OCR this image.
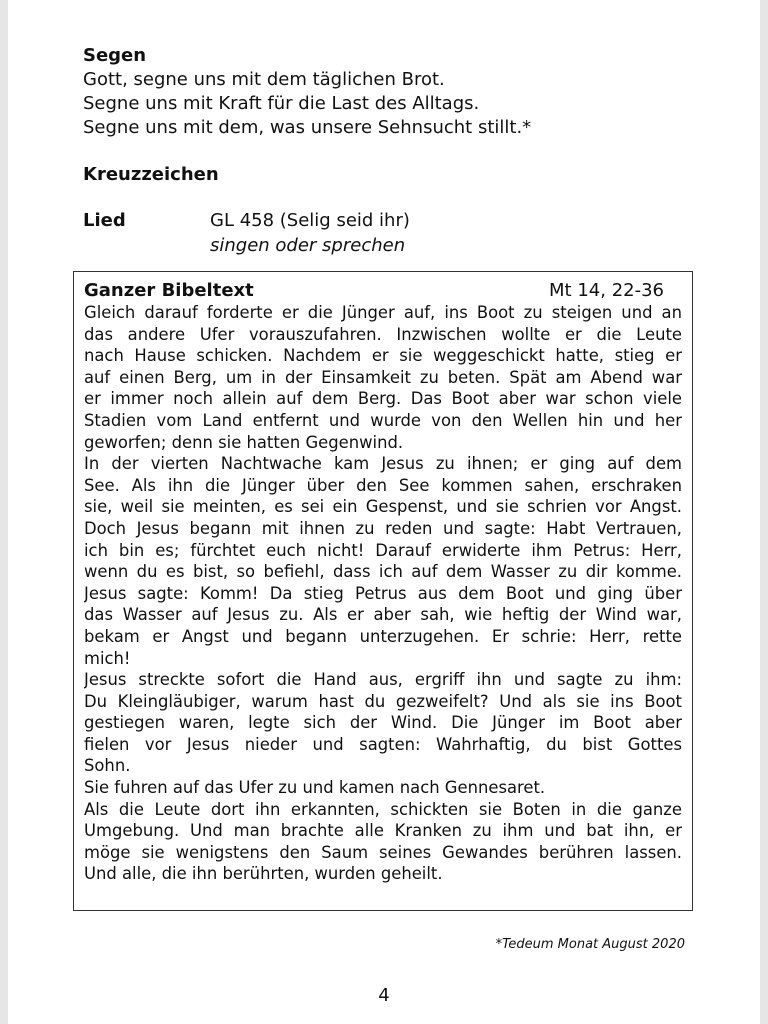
Segen
Gott, segne uns mit dem täglichen Brot.
Segne uns mit Kraft für die Last des Alltags.
Segne uns mit dem, was unsere Sehnsucht stillt.*
Kreuzzeichen
Lied	GL 458 (Selig seid ihr)
singen oder sprechen
Ganzer Bibeltext	Mt 14, 22-36
Gleich darauf forderte er die Jünger auf, ins Boot zu steigen und an
das andere Ufer vorauszufahren. Inzwischen wollte er die Leute
nach Hause schicken. Nachdem er sie weggeschickt hatte, stieg er
auf einen Berg, um in der Einsamkeit zu beten. Spät am Abend war
er immer noch allein auf dem Berg. Das Boot aber war schon viele
Stadien vom Land entfernt und wurde von den Wellen hin und her
geworfen; denn sie hatten Gegenwind.
In der vierten Nachtwache kam Jesus zu ihnen; er ging auf dem
See. Als ihn die Jünger über den See kommen sahen, erschraken
sie, weil sie meinten, es sei ein Gespenst, und sie schrien vor Angst.
Doch Jesus begann mit ihnen zu reden und sagte: Habt Vertrauen,
ich bin es; fürchtet euch nicht! Darauf erwiderte ihm Petrus: Herr,
wenn du es bist, so befiehl, dass ich auf dem Wasser zu dir komme.
Jesus sagte: Komm! Da stieg Petrus aus dem Boot und ging über
das Wasser auf Jesus zu. Als er aber sah, wie heftig der Wind war,
bekam er Angst und begann unterzugehen. Er schrie: Herr, rette
mich!
Jesus streckte sofort die Hand aus, ergriff ihn und sagte zu ihm:
Du Kleingläubiger, warum hast du gezweifelt? Und als sie ins Boot
gestiegen waren, legte sich der Wind. Die Jünger im Boot aber
fielen vor Jesus nieder und sagten: Wahrhaftig, du bist Gottes
Sohn.
Sie fuhren auf das Ufer zu und kamen nach Gennesaret.
Als die Leute dort ihn erkannten, schickten sie Boten in die ganze
Umgebung. Und man brachte alle Kranken zu ihm und bat ihn, er
möge sie wenigstens den Saum seines Gewandes berühren lassen.
Und alle, die ihn berührten, wurden geheilt.
*Tedeum Monat August 2020
4
